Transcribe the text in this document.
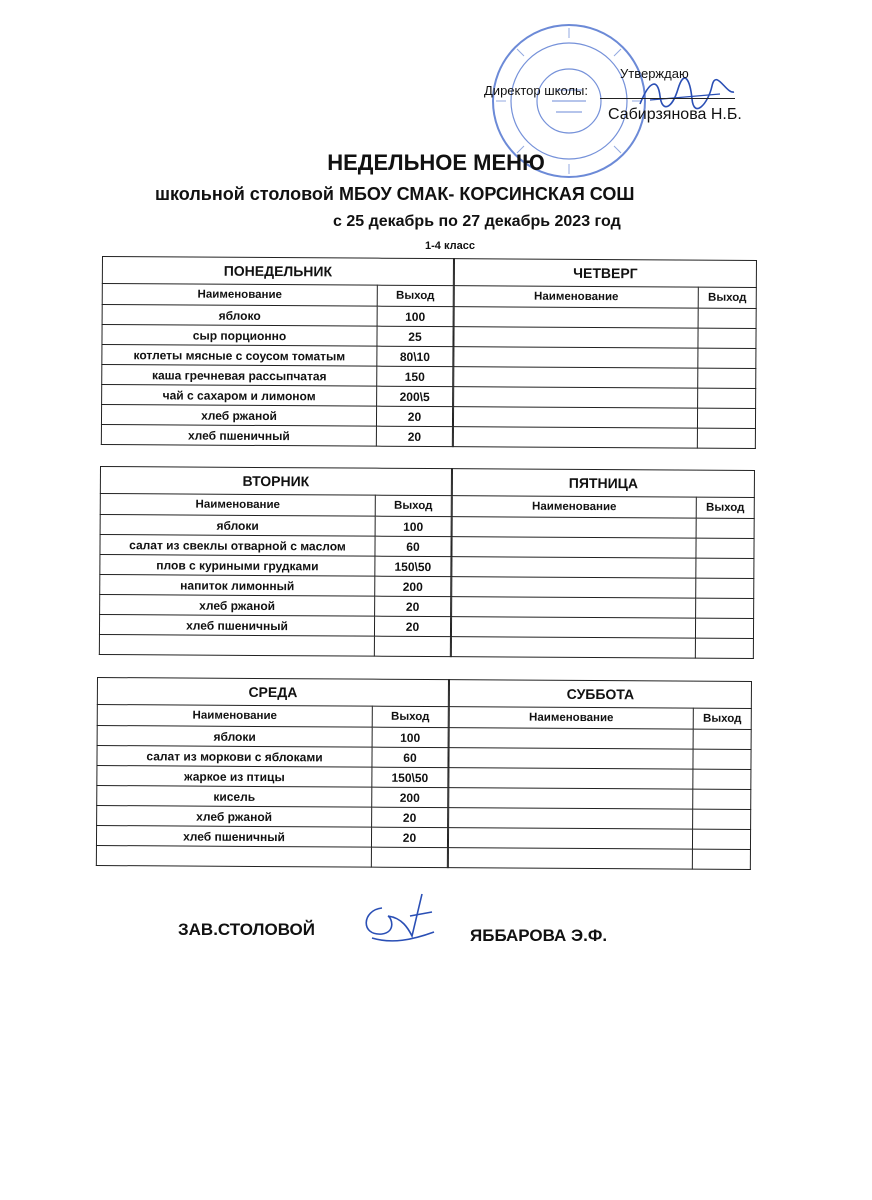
Утверждаю
Директор школы:
Сабирзянова Н.Б.
НЕДЕЛЬНОЕ МЕНЮ
школьной столовой МБОУ СМАК- КОРСИНСКАЯ СОШ
с 25 декабрь по 27 декабрь 2023 год
1-4 класс
ПОНЕДЕЛЬНИК		ЧЕТВЕРГ	
Наименование	Выход		Наименование	Выход
яблоко	100			
сыр порционно	25			
котлеты мясные с соусом томатым	80\10			
каша гречневая рассыпчатая	150			
чай с сахаром и лимоном	200\5			
хлеб ржаной	20			
хлеб пшеничный	20			
ВТОРНИК		ПЯТНИЦА	
Наименование	Выход		Наименование	Выход
яблоки	100			
салат из свеклы отварной с маслом	60			
плов с куриными грудками	150\50			
напиток лимонный	200			
хлеб ржаной	20			
хлеб пшеничный	20			

СРЕДА		СУББОТА	
Наименование	Выход		Наименование	Выход
яблоки	100			
салат из моркови с яблоками	60			
жаркое из птицы	150\50			
кисель	200			
хлеб ржаной	20			
хлеб пшеничный	20			

ЗАВ.СТОЛОВОЙ	ЯББАРОВА Э.Ф.
